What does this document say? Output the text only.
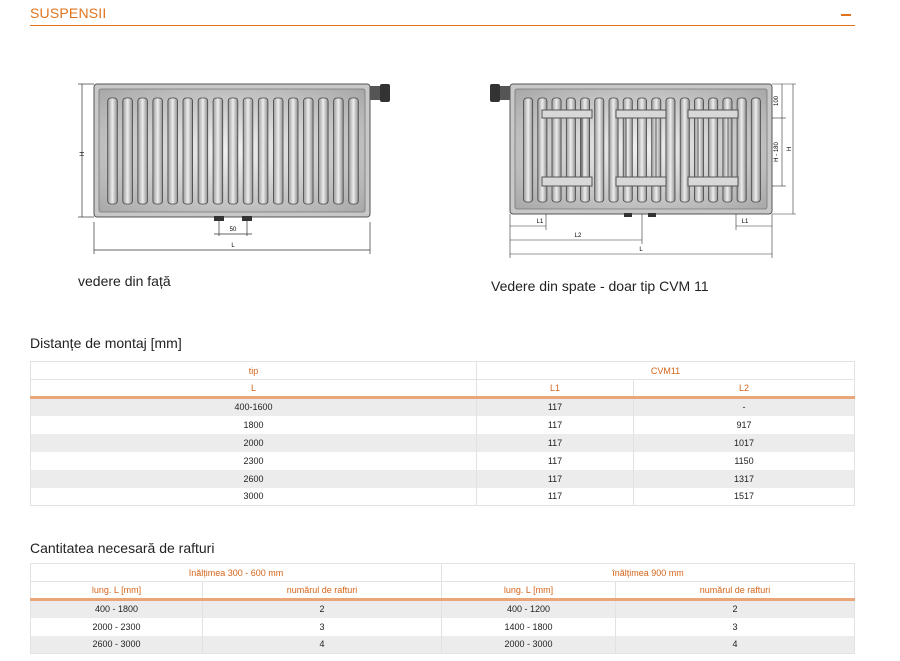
SUSPENSII
H
50
L
vedere din față
100
H - 180 H
L1	L1
L2
L
Vedere din spate - doar tip CVM 11
Distanțe de montaj [mm]
tip	CVM11	
L	L1	L2
400-1600	117	-
1800	117	917
2000	117	1017
2300	117	1150
2600	117	1317
3000	117	1517
Cantitatea necesară de rafturi
înălțimea 300 - 600 mm		înălțimea 900 mm	
lung. L [mm]	numărul de rafturi	lung. L [mm]	numărul de rafturi
400 - 1800	2	400 - 1200	2
2000 - 2300	3	1400 - 1800	3
2600 - 3000	4	2000 - 3000	4
